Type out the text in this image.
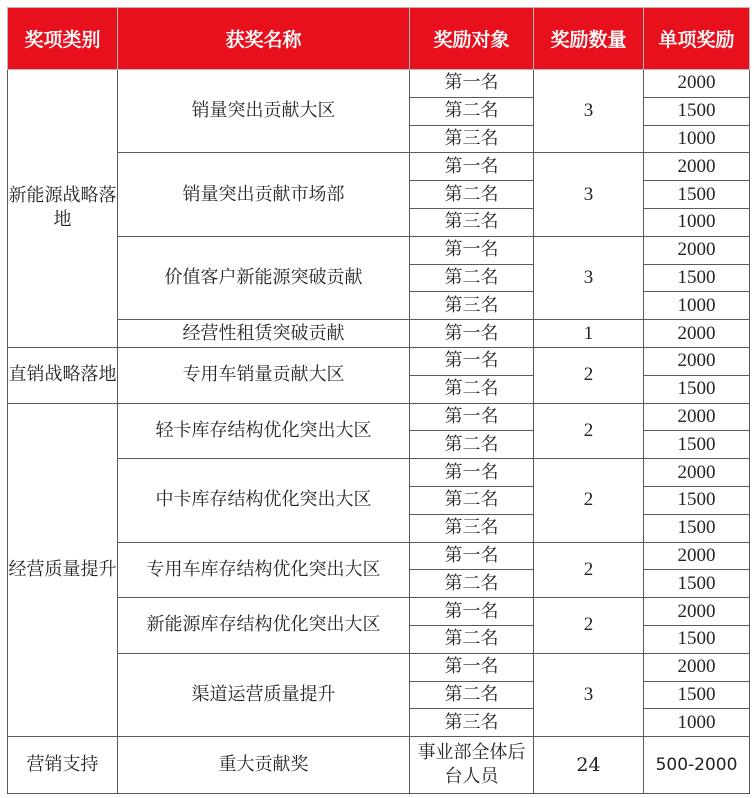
奖项类别	获奖名称	奖励对象	奖励数量	单项奖励
新能源战略落地	销量突出贡献大区	第一名	3	2000
		第二名		1500
		第三名		1000
	销量突出贡献市场部	第一名	3	2000
		第二名		1500
		第三名		1000
	价值客户新能源突破贡献	第一名	3	2000
		第二名		1500
		第三名		1000
	经营性租赁突破贡献	第一名	1	2000
直销战略落地	专用车销量贡献大区	第一名	2	2000
		第二名		1500
经营质量提升	轻卡库存结构优化突出大区	第一名	2	2000
		第二名		1500
	中卡库存结构优化突出大区	第一名	2	2000
		第二名		1500
		第三名		1500
	专用车库存结构优化突出大区	第一名	2	2000
		第二名		1500
	新能源库存结构优化突出大区	第一名	2	2000
		第二名		1500
	渠道运营质量提升	第一名	3	2000
		第二名		1500
		第三名		1000
营销支持	重大贡献奖	事业部全体后台人员	24	500-2000
